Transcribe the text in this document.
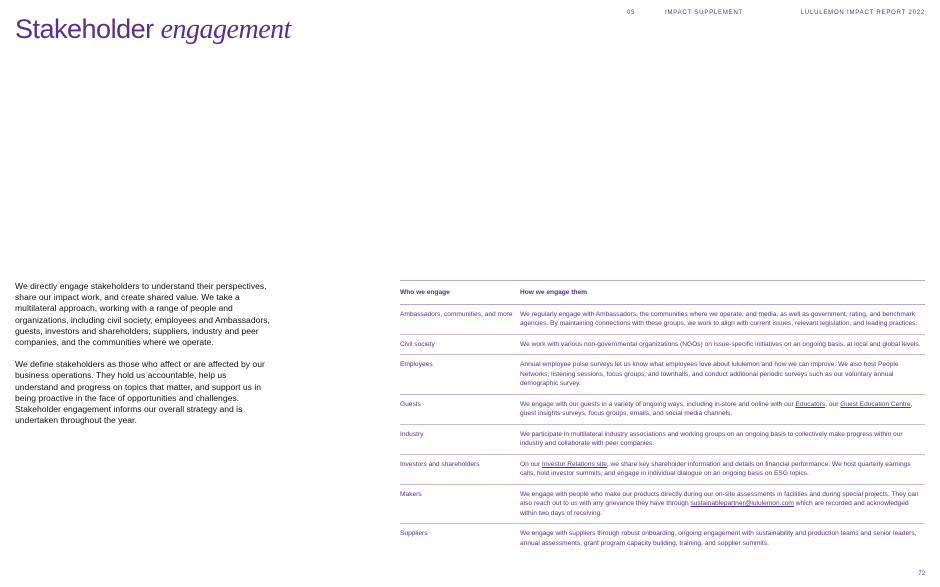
05	IMPACT SUPPLEMENT	LULULEMON IMPACT REPORT 2022
Stakeholder engagement

We directly engage stakeholders to understand their perspectives, share our impact work, and create shared value. We take a multilateral approach, working with a range of people and organizations, including civil society, employees and Ambassadors, guests, investors and shareholders, suppliers, industry and peer companies, and the communities where we operate.

We define stakeholders as those who affect or are affected by our business operations. They hold us accountable, help us understand and progress on topics that matter, and support us in being proactive in the face of opportunities and challenges. Stakeholder engagement informs our overall strategy and is undertaken throughout the year.

Who we engage	How we engage them
Ambassadors, communities, and more	We regularly engage with Ambassadors, the communities where we operate, and media, as well as government, rating, and benchmark agencies. By maintaining connections with these groups, we work to align with current issues, relevant legislation, and leading practices.
Civil society	We work with various non-governmental organizations (NGOs) on issue-specific initiatives on an ongoing basis, at local and global levels.
Employees	Annual employee pulse surveys let us know what employees love about lululemon and how we can improve. We also host People Networks, listening sessions, focus groups, and townhalls, and conduct additional periodic surveys such as our voluntary annual demographic survey.
Guests	We engage with our guests in a variety of ongoing ways, including in-store and online with our Educators, our Guest Education Centre, guest insights surveys, focus groups, emails, and social media channels.
Industry	We participate in multilateral industry associations and working groups on an ongoing basis to collectively make progress within our industry and collaborate with peer companies.
Investors and shareholders	On our Investor Relations site, we share key shareholder information and details on financial performance. We host quarterly earnings calls, hold investor summits, and engage in individual dialogue on an ongoing basis on ESG topics.
Makers	We engage with people who make our products directly during our on-site assessments in facilities and during special projects. They can also reach out to us with any grievance they have through sustainablepartner@lululemon.com which are recorded and acknowledged within two days of receiving.
Suppliers	We engage with suppliers through robust onboarding, ongoing engagement with sustainability and production teams and senior leaders, annual assessments, grant program capacity building, training, and supplier summits.
72
